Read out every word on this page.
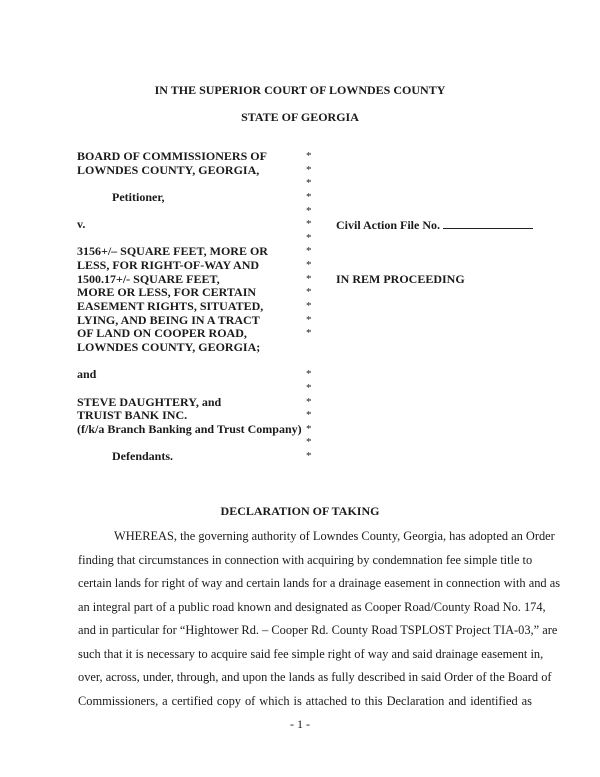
IN THE SUPERIOR COURT OF LOWNDES COUNTY
STATE OF GEORGIA
BOARD OF COMMISSIONERS OF	*
LOWNDES COUNTY, GEORGIA,	*
*
Petitioner,	*
*
v.	* Civil Action File No.
*
3156+/– SQUARE FEET, MORE OR	*
LESS, FOR RIGHT-OF-WAY AND	*
1500.17+/- SQUARE FEET,	* IN REM PROCEEDING
MORE OR LESS, FOR CERTAIN	*
EASEMENT RIGHTS, SITUATED,	*
LYING, AND BEING IN A TRACT	*
OF LAND ON COOPER ROAD,	*
LOWNDES COUNTY, GEORGIA;
and	*
*
STEVE DAUGHTERY, and	*
TRUIST BANK INC.	*
(f/k/a Branch Banking and Trust Company) *
*
Defendants.	*
DECLARATION OF TAKING
WHEREAS, the governing authority of Lowndes County, Georgia, has adopted an Order
finding that circumstances in connection with acquiring by condemnation fee simple title to
certain lands for right of way and certain lands for a drainage easement in connection with and as
an integral part of a public road known and designated as Cooper Road/County Road No. 174,
and in particular for “Hightower Rd. – Cooper Rd. County Road TSPLOST Project TIA-03,” are
such that it is necessary to acquire said fee simple right of way and said drainage easement in,
over, across, under, through, and upon the lands as fully described in said Order of the Board of
Commissioners, a certified copy of which is attached to this Declaration and identified as
- 1 -
